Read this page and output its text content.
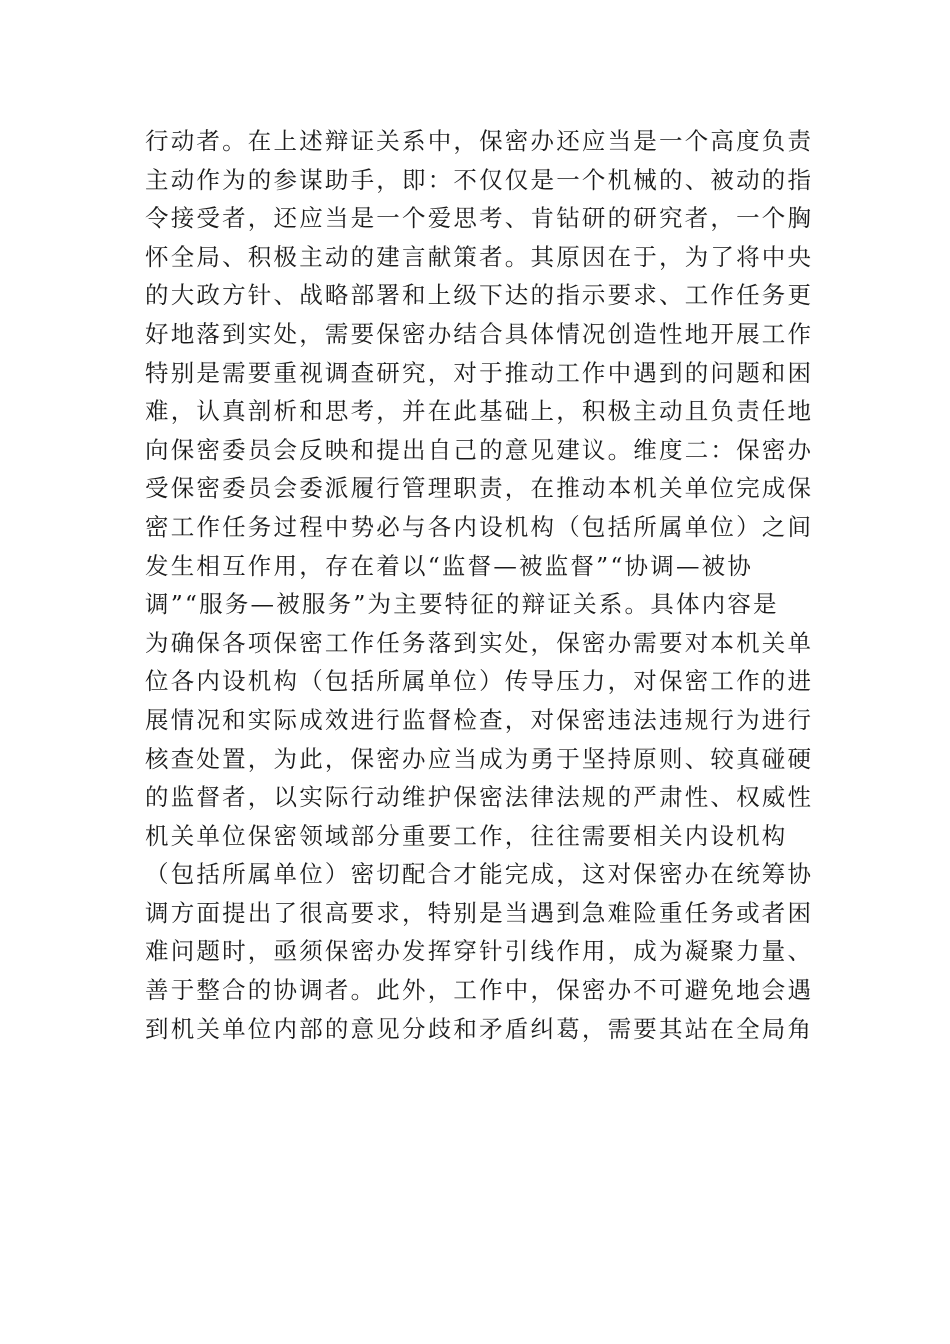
行动者。在上述辩证关系中，保密办还应当是一个高度负责
主动作为的参谋助手，即：不仅仅是一个机械的、被动的指
令接受者，还应当是一个爱思考、肯钻研的研究者，一个胸
怀全局、积极主动的建言献策者。其原因在于，为了将中央
的大政方针、战略部署和上级下达的指示要求、工作任务更
好地落到实处，需要保密办结合具体情况创造性地开展工作
特别是需要重视调查研究，对于推动工作中遇到的问题和困
难，认真剖析和思考，并在此基础上，积极主动且负责任地
向保密委员会反映和提出自己的意见建议。维度二：保密办
受保密委员会委派履行管理职责，在推动本机关单位完成保
密工作任务过程中势必与各内设机构（包括所属单位）之间
发生相互作用，存在着以“监督—被监督”“协调—被协
调”“服务—被服务”为主要特征的辩证关系。具体内容是
为确保各项保密工作任务落到实处，保密办需要对本机关单
位各内设机构（包括所属单位）传导压力，对保密工作的进
展情况和实际成效进行监督检查，对保密违法违规行为进行
核查处置，为此，保密办应当成为勇于坚持原则、较真碰硬
的监督者，以实际行动维护保密法律法规的严肃性、权威性
机关单位保密领域部分重要工作，往往需要相关内设机构
（包括所属单位）密切配合才能完成，这对保密办在统筹协
调方面提出了很高要求，特别是当遇到急难险重任务或者困
难问题时，亟须保密办发挥穿针引线作用，成为凝聚力量、
善于整合的协调者。此外，工作中，保密办不可避免地会遇
到机关单位内部的意见分歧和矛盾纠葛，需要其站在全局角
